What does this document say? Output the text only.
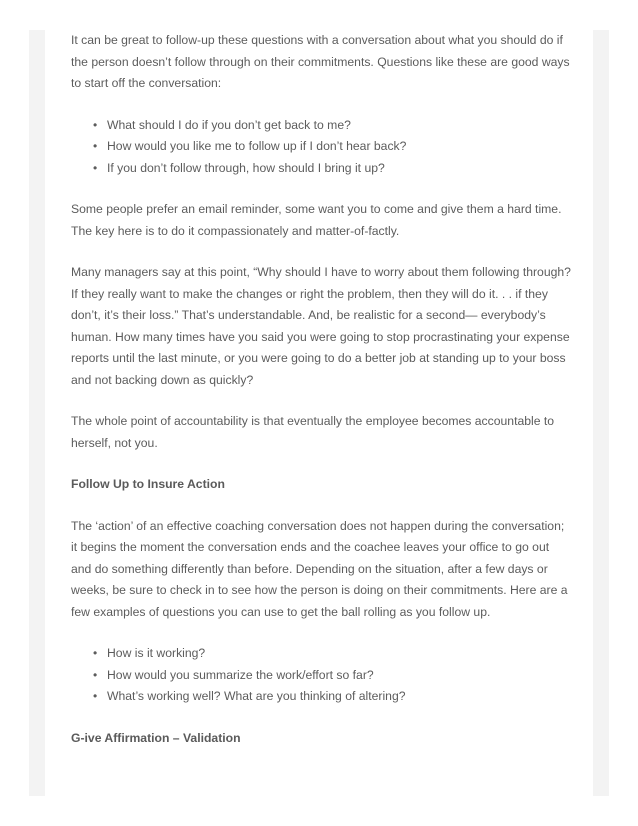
It can be great to follow-up these questions with a conversation about what you should do if the person doesn’t follow through on their commitments. Questions like these are good ways to start off the conversation:

• What should I do if you don’t get back to me?
• How would you like me to follow up if I don’t hear back?
• If you don’t follow through, how should I bring it up?

Some people prefer an email reminder, some want you to come and give them a hard time. The key here is to do it compassionately and matter-of-factly.

Many managers say at this point, “Why should I have to worry about them following through? If they really want to make the changes or right the problem, then they will do it. . . if they don’t, it’s their loss.” That’s understandable. And, be realistic for a second— everybody’s human. How many times have you said you were going to stop procrastinating your expense reports until the last minute, or you were going to do a better job at standing up to your boss and not backing down as quickly?

The whole point of accountability is that eventually the employee becomes accountable to herself, not you.

Follow Up to Insure Action

The ‘action’ of an effective coaching conversation does not happen during the conversation; it begins the moment the conversation ends and the coachee leaves your office to go out and do something differently than before. Depending on the situation, after a few days or weeks, be sure to check in to see how the person is doing on their commitments. Here are a few examples of questions you can use to get the ball rolling as you follow up.

• How is it working?
• How would you summarize the work/effort so far?
• What’s working well? What are you thinking of altering?

G-ive Affirmation – Validation
